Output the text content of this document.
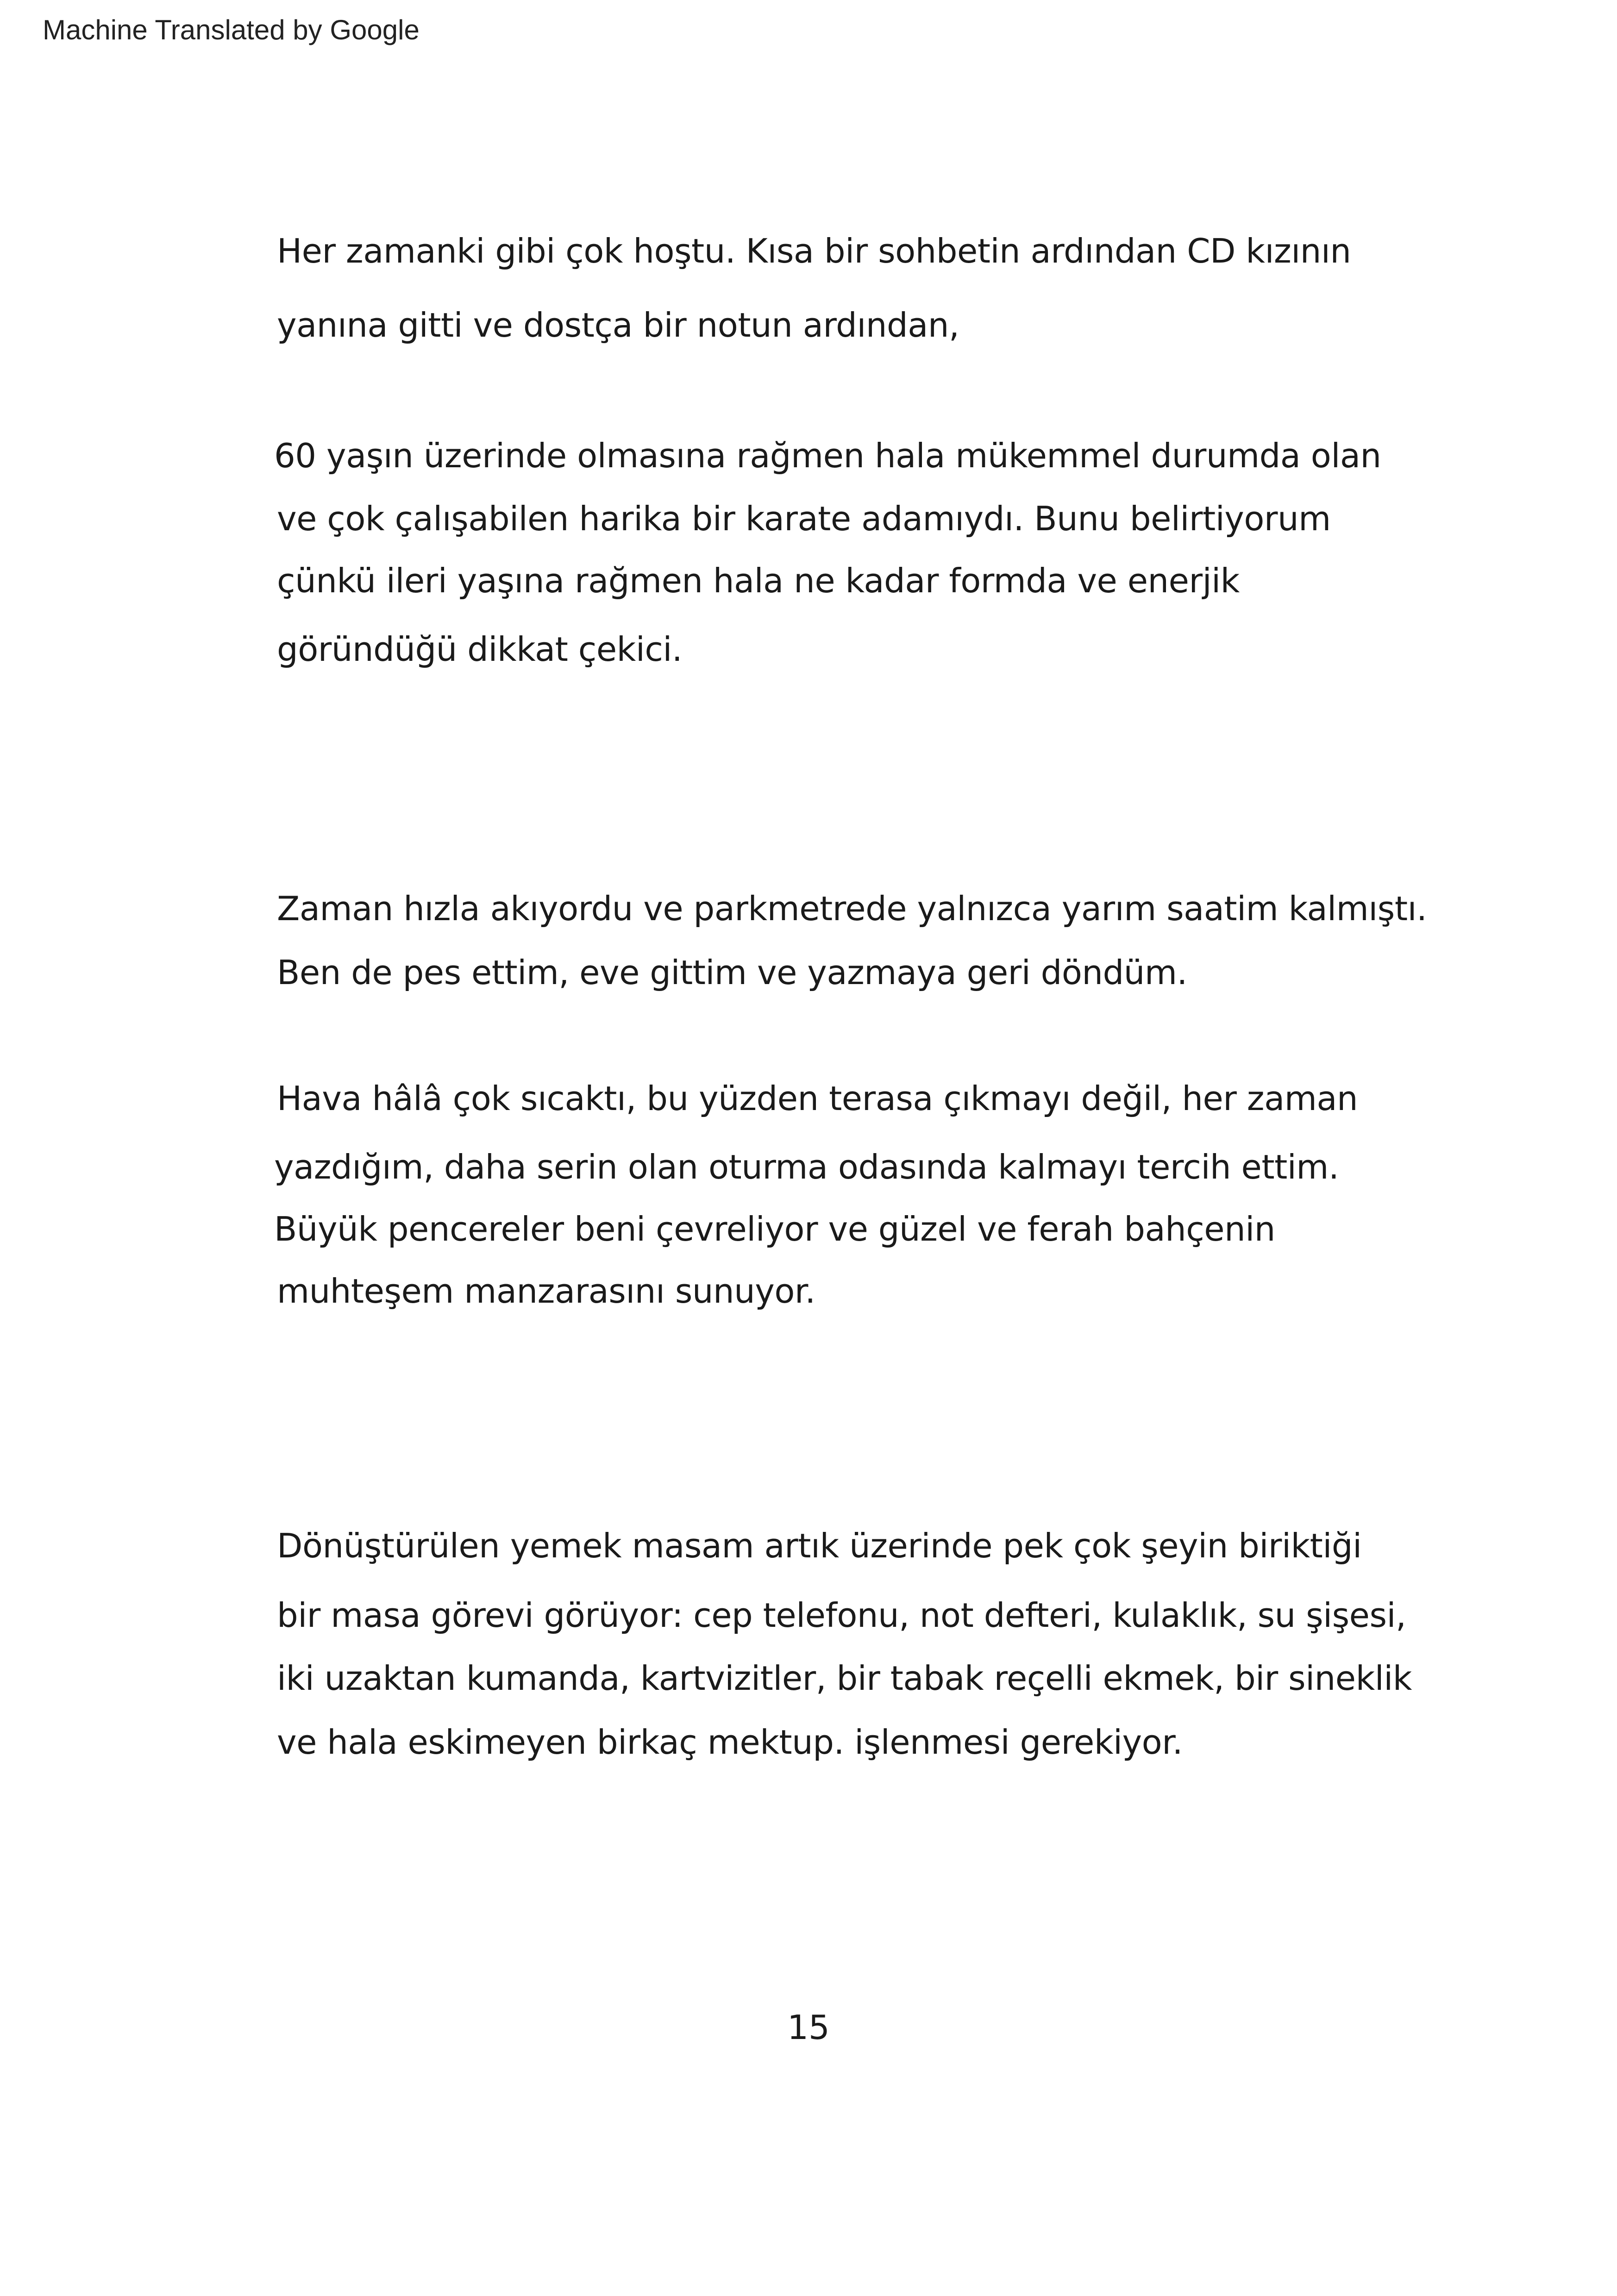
Machine Translated by Google
Her zamanki gibi çok hoştu. Kısa bir sohbetin ardından CD kızının
yanına gitti ve dostça bir notun ardından,
60 yaşın üzerinde olmasına rağmen hala mükemmel durumda olan
ve çok çalışabilen harika bir karate adamıydı. Bunu belirtiyorum
çünkü ileri yaşına rağmen hala ne kadar formda ve enerjik
göründüğü dikkat çekici.
Zaman hızla akıyordu ve parkmetrede yalnızca yarım saatim kalmıştı.
Ben de pes ettim, eve gittim ve yazmaya geri döndüm.
Hava hâlâ çok sıcaktı, bu yüzden terasa çıkmayı değil, her zaman
yazdığım, daha serin olan oturma odasında kalmayı tercih ettim.
Büyük pencereler beni çevreliyor ve güzel ve ferah bahçenin
muhteşem manzarasını sunuyor.
Dönüştürülen yemek masam artık üzerinde pek çok şeyin biriktiği
bir masa görevi görüyor: cep telefonu, not defteri, kulaklık, su şişesi,
iki uzaktan kumanda, kartvizitler, bir tabak reçelli ekmek, bir sineklik
ve hala eskimeyen birkaç mektup. işlenmesi gerekiyor.
15
